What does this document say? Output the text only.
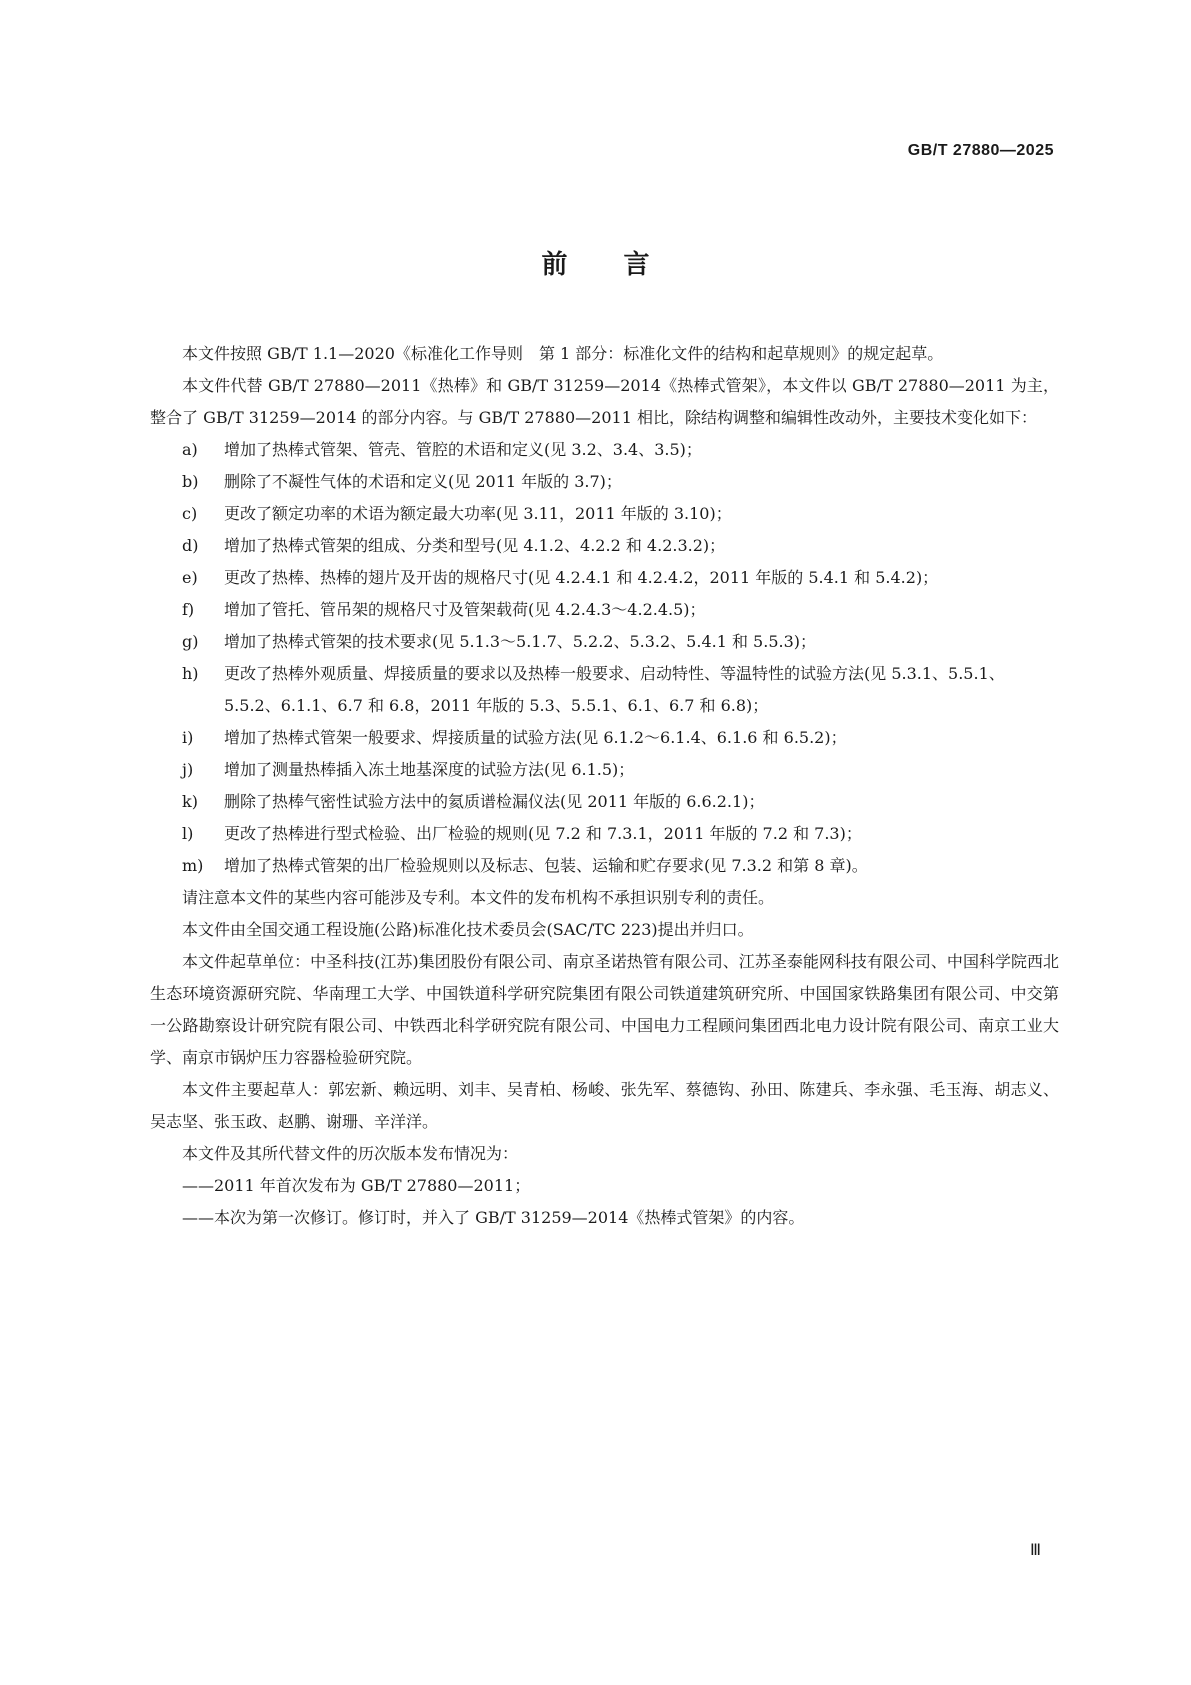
GB/T 27880—2025
前言

本文件按照 GB/T 1.1—2020《标准化工作导则　第 1 部分：标准化文件的结构和起草规则》的规定起草。

本文件代替 GB/T 27880—2011《热棒》和 GB/T 31259—2014《热棒式管架》，本文件以 GB/T 27880—2011 为主，整合了 GB/T 31259—2014 的部分内容。与 GB/T 27880—2011 相比，除结构调整和编辑性改动外，主要技术变化如下：

a)	增加了热棒式管架、管壳、管腔的术语和定义(见 3.2、3.4、3.5)；
b)	删除了不凝性气体的术语和定义(见 2011 年版的 3.7)；
c)	更改了额定功率的术语为额定最大功率(见 3.11，2011 年版的 3.10)；
d)	增加了热棒式管架的组成、分类和型号(见 4.1.2、4.2.2 和 4.2.3.2)；
e)	更改了热棒、热棒的翅片及开齿的规格尺寸(见 4.2.4.1 和 4.2.4.2，2011 年版的 5.4.1 和 5.4.2)；
f)	增加了管托、管吊架的规格尺寸及管架载荷(见 4.2.4.3～4.2.4.5)；
g)	增加了热棒式管架的技术要求(见 5.1.3～5.1.7、5.2.2、5.3.2、5.4.1 和 5.5.3)；
h)	更改了热棒外观质量、焊接质量的要求以及热棒一般要求、启动特性、等温特性的试验方法(见 5.3.1、5.5.1、5.5.2、6.1.1、6.7 和 6.8，2011 年版的 5.3、5.5.1、6.1、6.7 和 6.8)；
i)	增加了热棒式管架一般要求、焊接质量的试验方法(见 6.1.2～6.1.4、6.1.6 和 6.5.2)；
j)	增加了测量热棒插入冻土地基深度的试验方法(见 6.1.5)；
k)	删除了热棒气密性试验方法中的氦质谱检漏仪法(见 2011 年版的 6.6.2.1)；
l)	更改了热棒进行型式检验、出厂检验的规则(见 7.2 和 7.3.1，2011 年版的 7.2 和 7.3)；
m)	增加了热棒式管架的出厂检验规则以及标志、包装、运输和贮存要求(见 7.3.2 和第 8 章)。

请注意本文件的某些内容可能涉及专利。本文件的发布机构不承担识别专利的责任。

本文件由全国交通工程设施(公路)标准化技术委员会(SAC/TC 223)提出并归口。

本文件起草单位：中圣科技(江苏)集团股份有限公司、南京圣诺热管有限公司、江苏圣泰能网科技有限公司、中国科学院西北生态环境资源研究院、华南理工大学、中国铁道科学研究院集团有限公司铁道建筑研究所、中国国家铁路集团有限公司、中交第一公路勘察设计研究院有限公司、中铁西北科学研究院有限公司、中国电力工程顾问集团西北电力设计院有限公司、南京工业大学、南京市锅炉压力容器检验研究院。

本文件主要起草人：郭宏新、赖远明、刘丰、吴青柏、杨峻、张先军、蔡德钩、孙田、陈建兵、李永强、毛玉海、胡志义、吴志坚、张玉政、赵鹏、谢珊、辛洋洋。

本文件及其所代替文件的历次版本发布情况为：

——2011 年首次发布为 GB/T 27880—2011；

——本次为第一次修订。修订时，并入了 GB/T 31259—2014《热棒式管架》的内容。

Ⅲ
